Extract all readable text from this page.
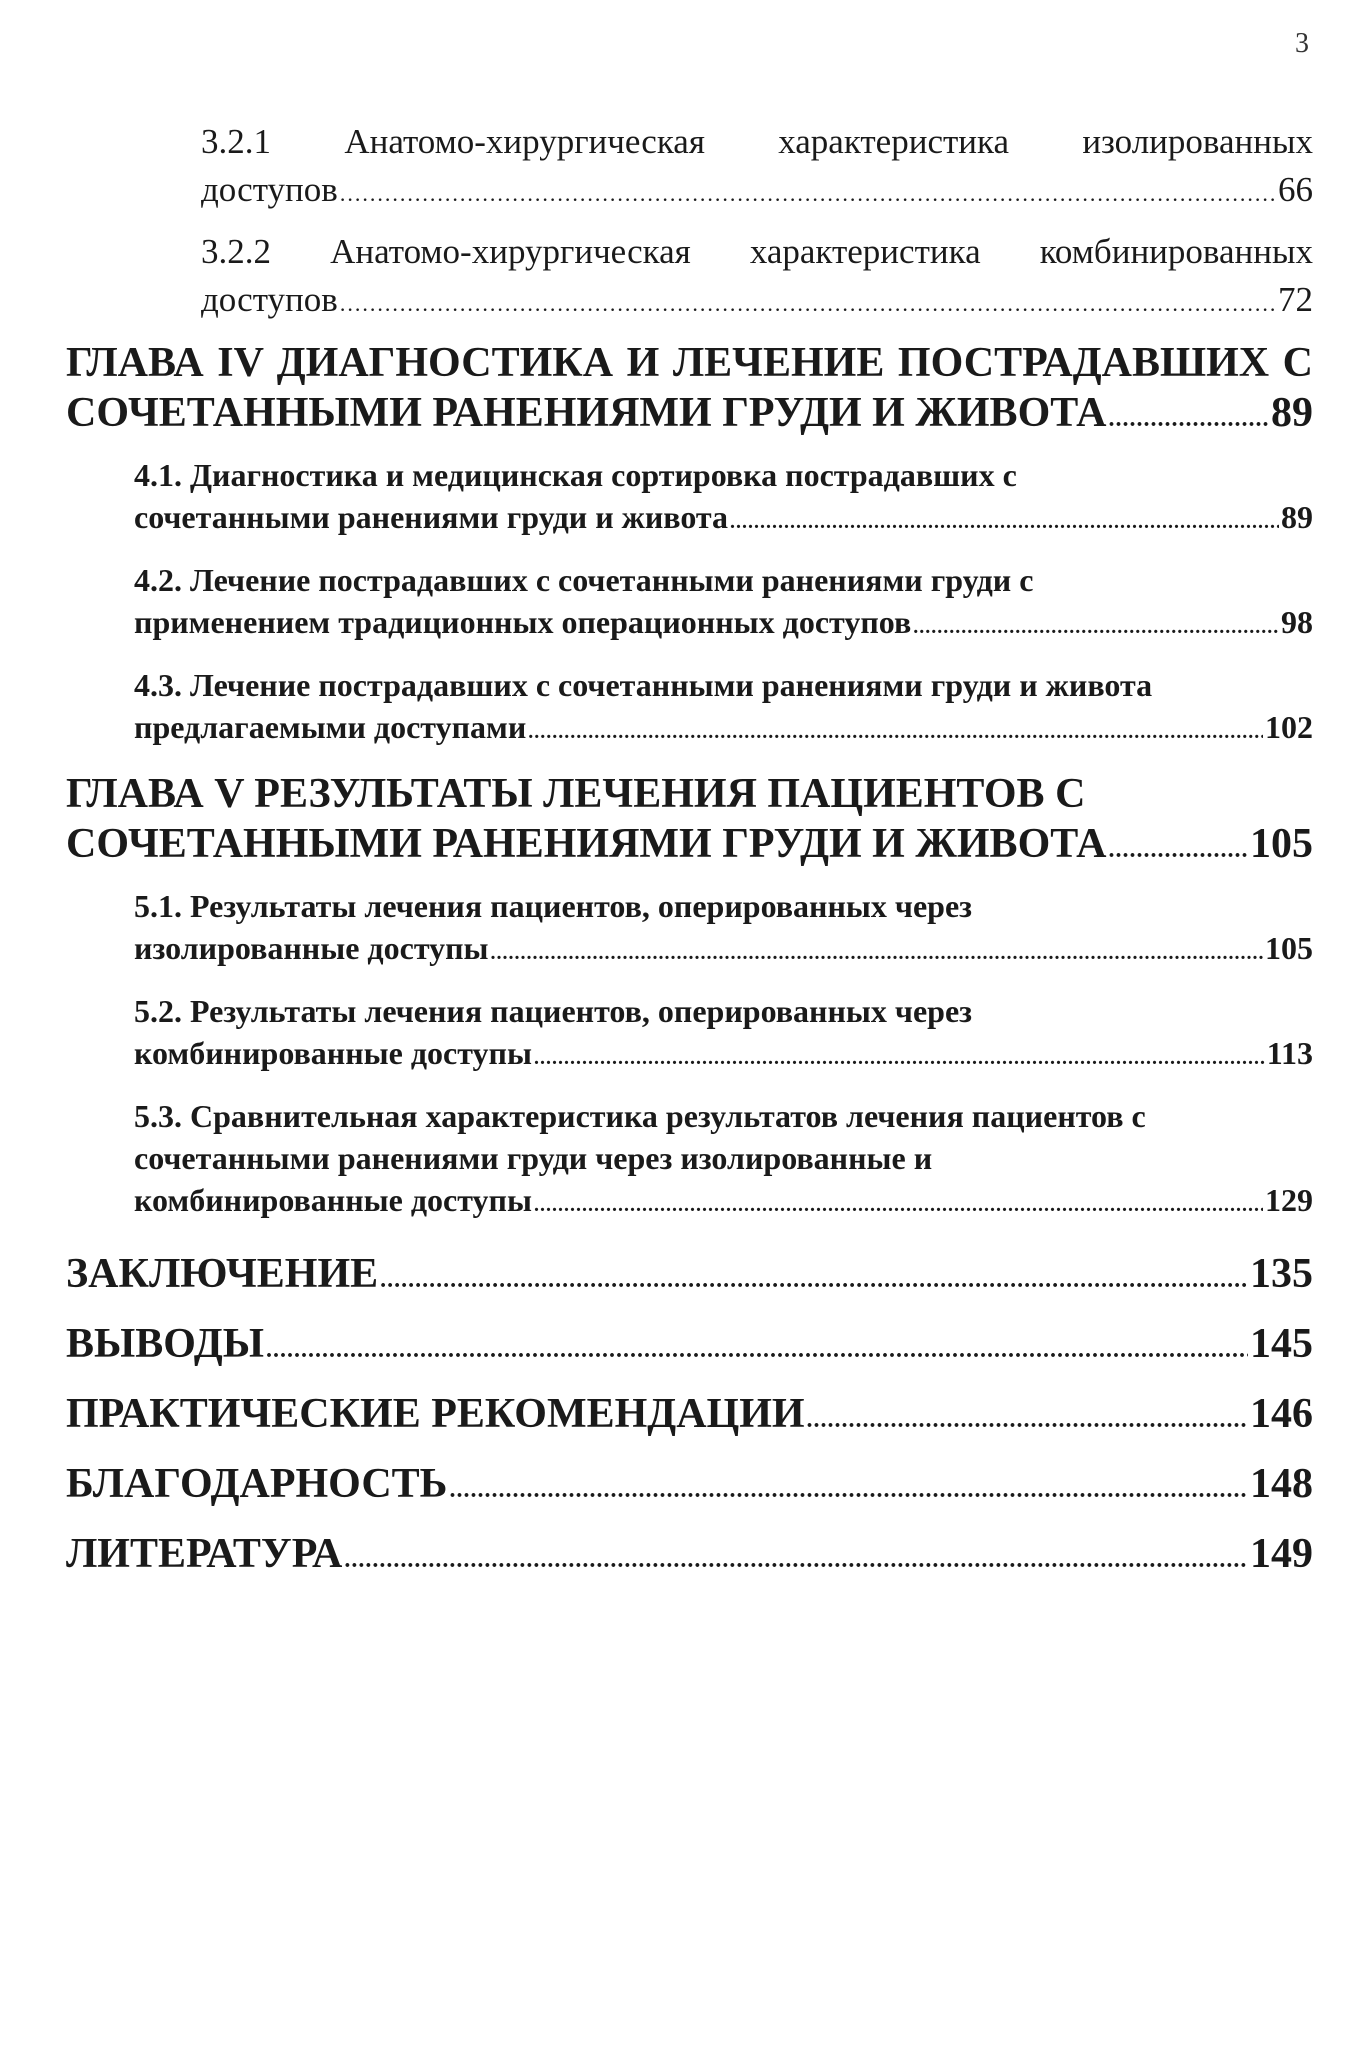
3
3.2.1 Анатомо-хирургическая характеристика изолированных
доступов .....	66
3.2.2 Анатомо-хирургическая характеристика комбинированных
доступов .....	72
ГЛАВА IV ДИАГНОСТИКА И ЛЕЧЕНИЕ ПОСТРАДАВШИХ С
СОЧЕТАННЫМИ РАНЕНИЯМИ ГРУДИ И ЖИВОТА .....	89
4.1. Диагностика и медицинская сортировка пострадавших с
сочетанными ранениями груди и живота .....	89
4.2. Лечение пострадавших с сочетанными ранениями груди с
применением традиционных операционных доступов .....	98
4.3. Лечение пострадавших с сочетанными ранениями груди и живота
предлагаемыми доступами .....	102
ГЛАВА V РЕЗУЛЬТАТЫ ЛЕЧЕНИЯ ПАЦИЕНТОВ С
СОЧЕТАННЫМИ РАНЕНИЯМИ ГРУДИ И ЖИВОТА .....	105
5.1. Результаты лечения пациентов, оперированных через
изолированные доступы .....	105
5.2. Результаты лечения пациентов, оперированных через
комбинированные доступы .....	113
5.3. Сравнительная характеристика результатов лечения пациентов с
сочетанными ранениями груди через изолированные и
комбинированные доступы .....	129
ЗАКЛЮЧЕНИЕ .....	135
ВЫВОДЫ .....	145
ПРАКТИЧЕСКИЕ РЕКОМЕНДАЦИИ .....	146
БЛАГОДАРНОСТЬ .....	148
ЛИТЕРАТУРА .....	149
